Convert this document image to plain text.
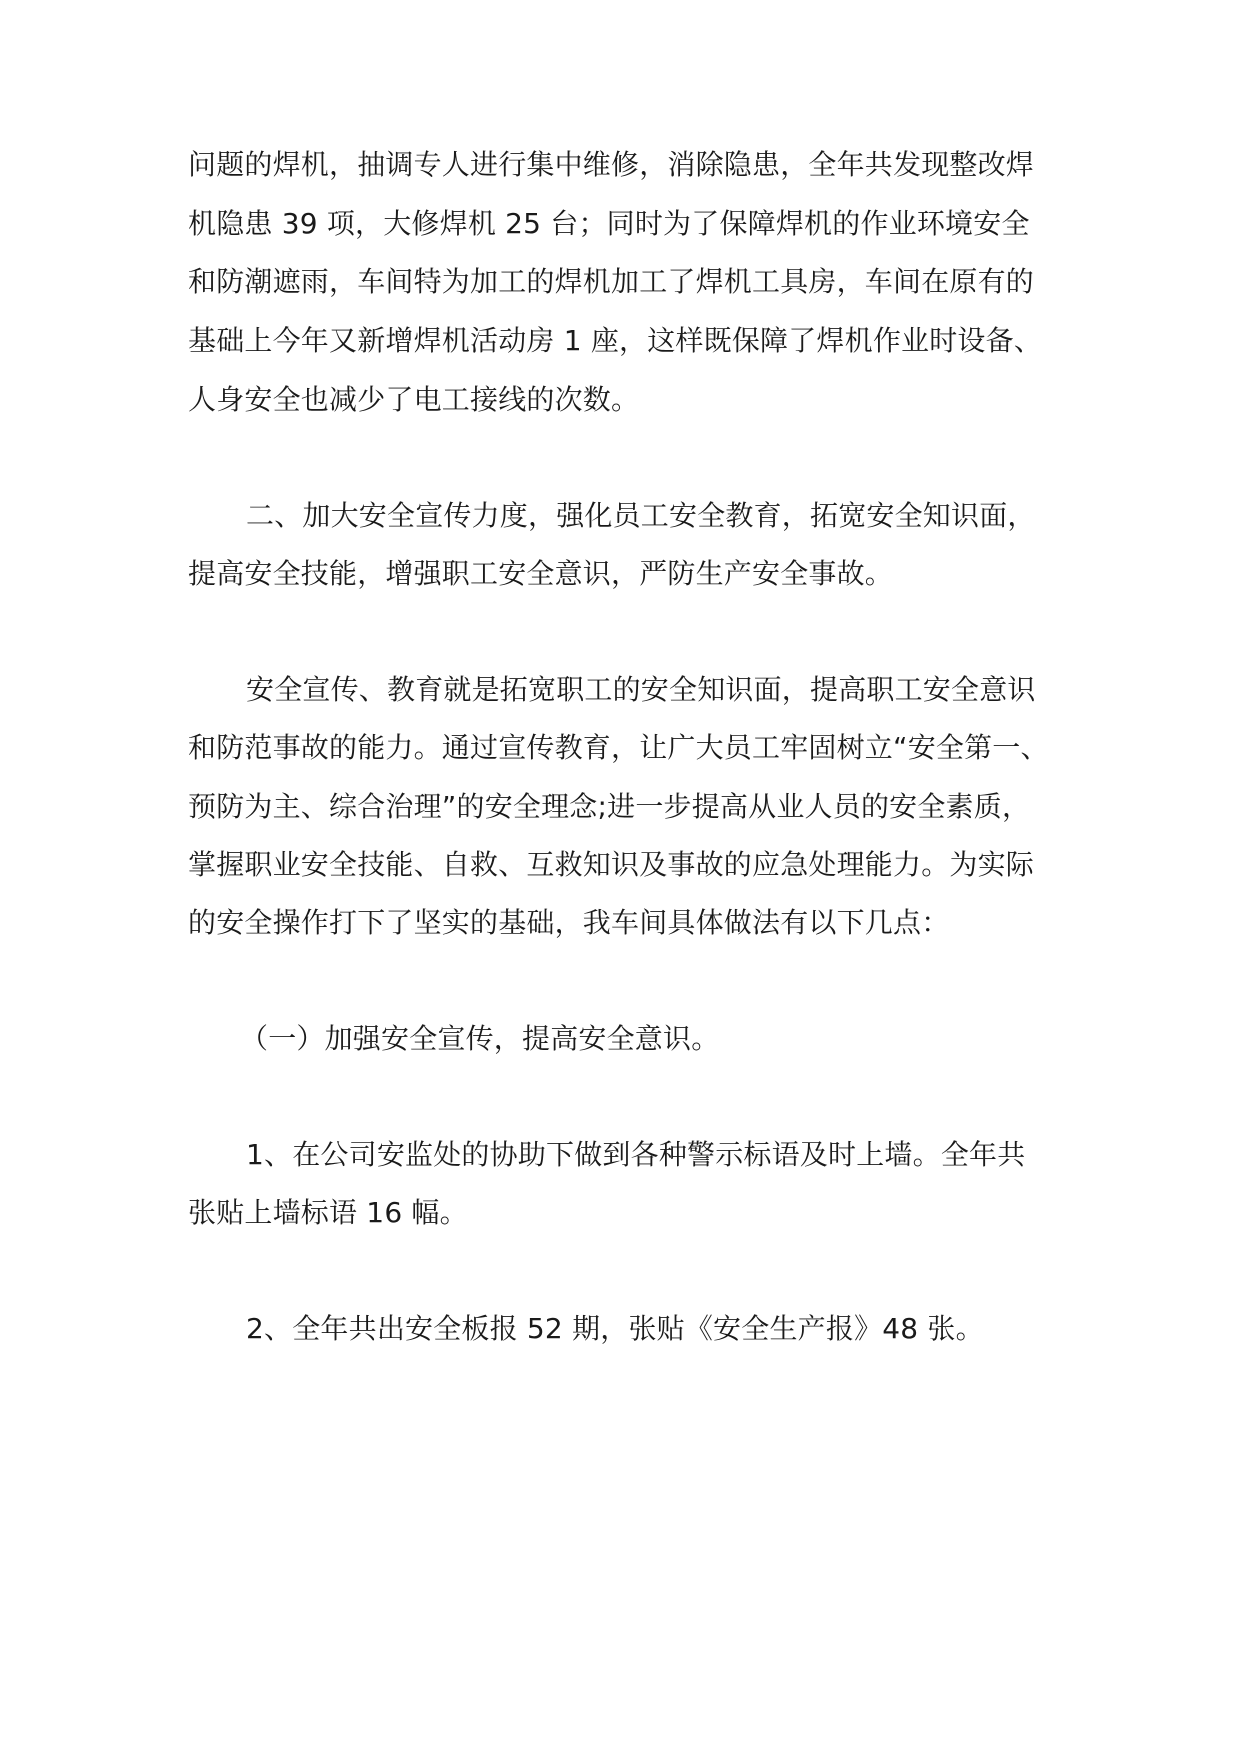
问题的焊机，抽调专人进行集中维修，消除隐患，全年共发现整改焊
机隐患 39 项，大修焊机 25 台；同时为了保障焊机的作业环境安全
和防潮遮雨，车间特为加工的焊机加工了焊机工具房，车间在原有的
基础上今年又新增焊机活动房 1 座，这样既保障了焊机作业时设备、
人身安全也减少了电工接线的次数。
二、加大安全宣传力度，强化员工安全教育，拓宽安全知识面，
提高安全技能，增强职工安全意识，严防生产安全事故。
安全宣传、教育就是拓宽职工的安全知识面，提高职工安全意识
和防范事故的能力。通过宣传教育，让广大员工牢固树立“安全第一、
预防为主、综合治理”的安全理念;进一步提高从业人员的安全素质，
掌握职业安全技能、自救、互救知识及事故的应急处理能力。为实际
的安全操作打下了坚实的基础，我车间具体做法有以下几点：
（一）加强安全宣传，提高安全意识。
1、在公司安监处的协助下做到各种警示标语及时上墙。全年共
张贴上墙标语 16 幅。
2、全年共出安全板报 52 期，张贴《安全生产报》48 张。
